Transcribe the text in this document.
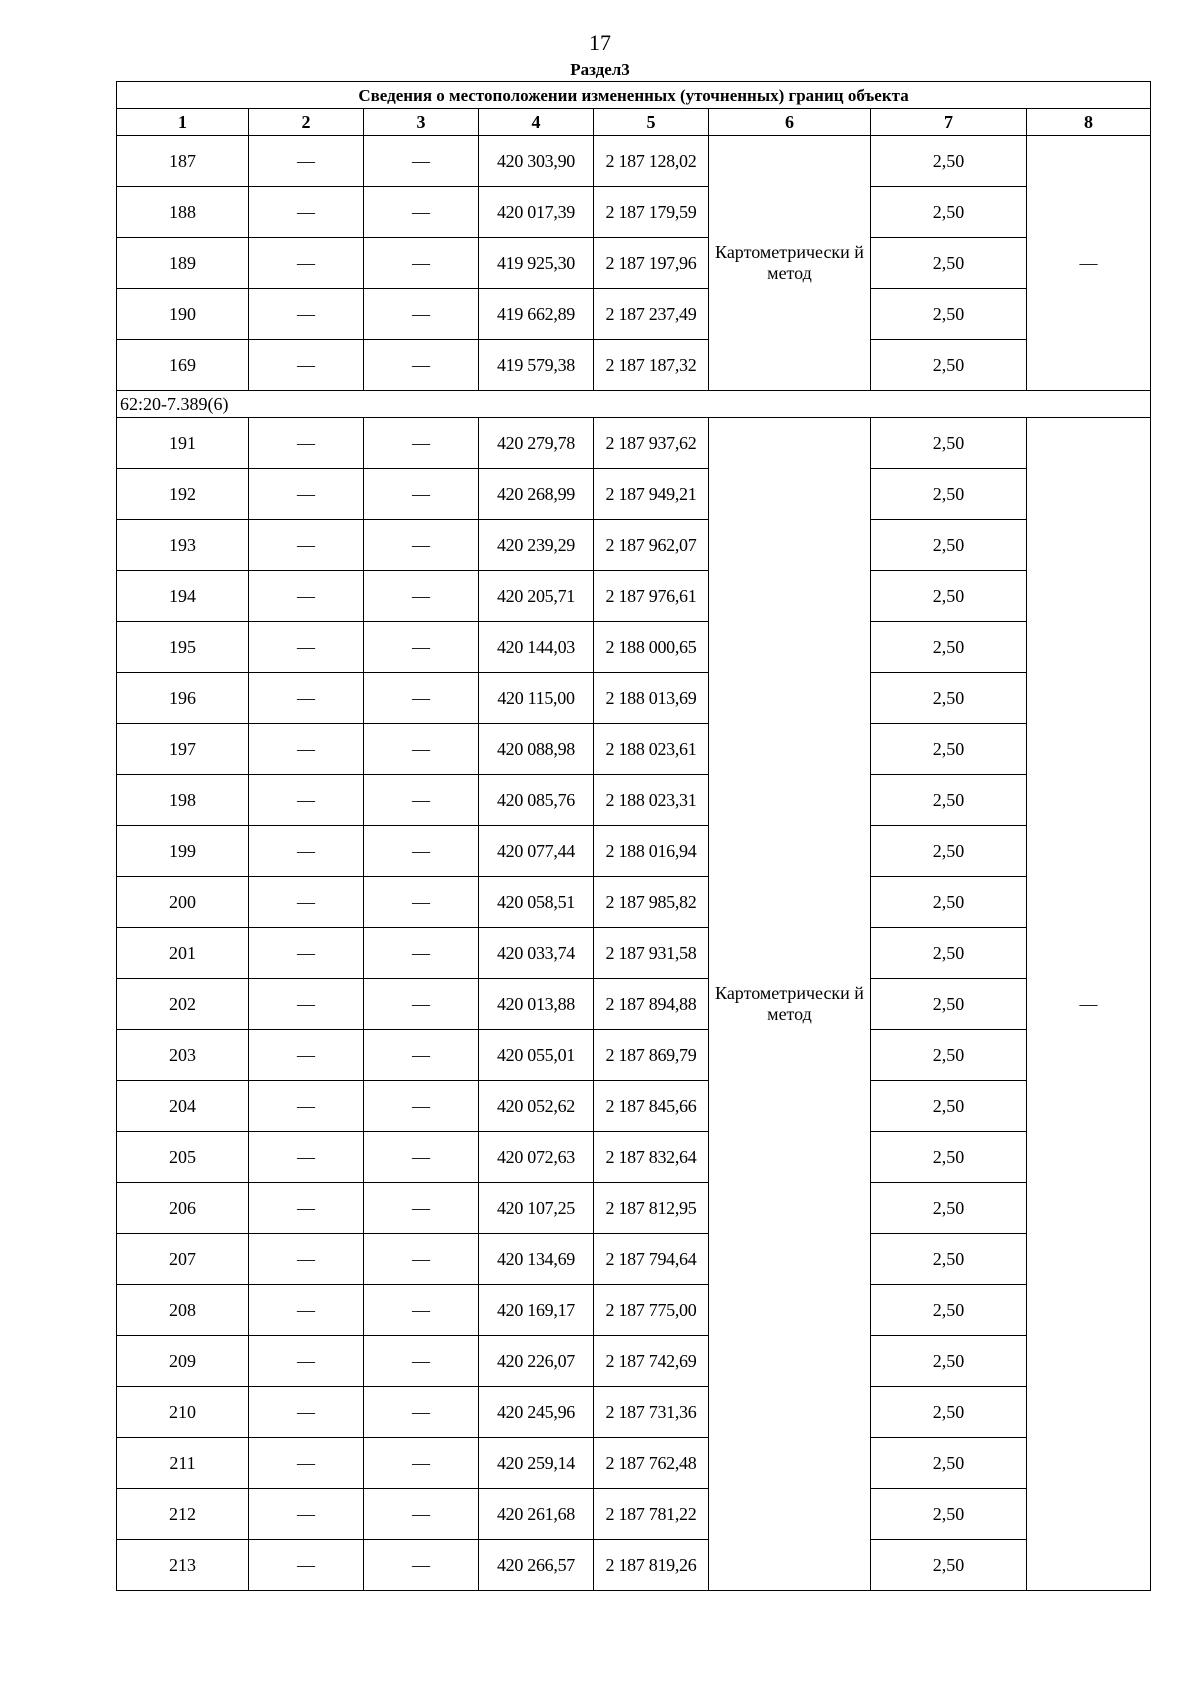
17
Раздел3
Сведения о местоположении измененных (уточненных) границ объекта							
1	2	3	4	5	6	7	8
187	—	—	420 303,90	2 187 128,02	Картометрически й метод	2,50	—
188	—	—	420 017,39	2 187 179,59		2,50	
189	—	—	419 925,30	2 187 197,96		2,50	
190	—	—	419 662,89	2 187 237,49		2,50	
169	—	—	419 579,38	2 187 187,32		2,50	
62:20-7.389(6)							
191	—	—	420 279,78	2 187 937,62	Картометрически й метод	2,50	—
192	—	—	420 268,99	2 187 949,21		2,50	
193	—	—	420 239,29	2 187 962,07		2,50	
194	—	—	420 205,71	2 187 976,61		2,50	
195	—	—	420 144,03	2 188 000,65		2,50	
196	—	—	420 115,00	2 188 013,69		2,50	
197	—	—	420 088,98	2 188 023,61		2,50	
198	—	—	420 085,76	2 188 023,31		2,50	
199	—	—	420 077,44	2 188 016,94		2,50	
200	—	—	420 058,51	2 187 985,82		2,50	
201	—	—	420 033,74	2 187 931,58		2,50	
202	—	—	420 013,88	2 187 894,88		2,50	
203	—	—	420 055,01	2 187 869,79		2,50	
204	—	—	420 052,62	2 187 845,66		2,50	
205	—	—	420 072,63	2 187 832,64		2,50	
206	—	—	420 107,25	2 187 812,95		2,50	
207	—	—	420 134,69	2 187 794,64		2,50	
208	—	—	420 169,17	2 187 775,00		2,50	
209	—	—	420 226,07	2 187 742,69		2,50	
210	—	—	420 245,96	2 187 731,36		2,50	
211	—	—	420 259,14	2 187 762,48		2,50	
212	—	—	420 261,68	2 187 781,22		2,50	
213	—	—	420 266,57	2 187 819,26		2,50	
